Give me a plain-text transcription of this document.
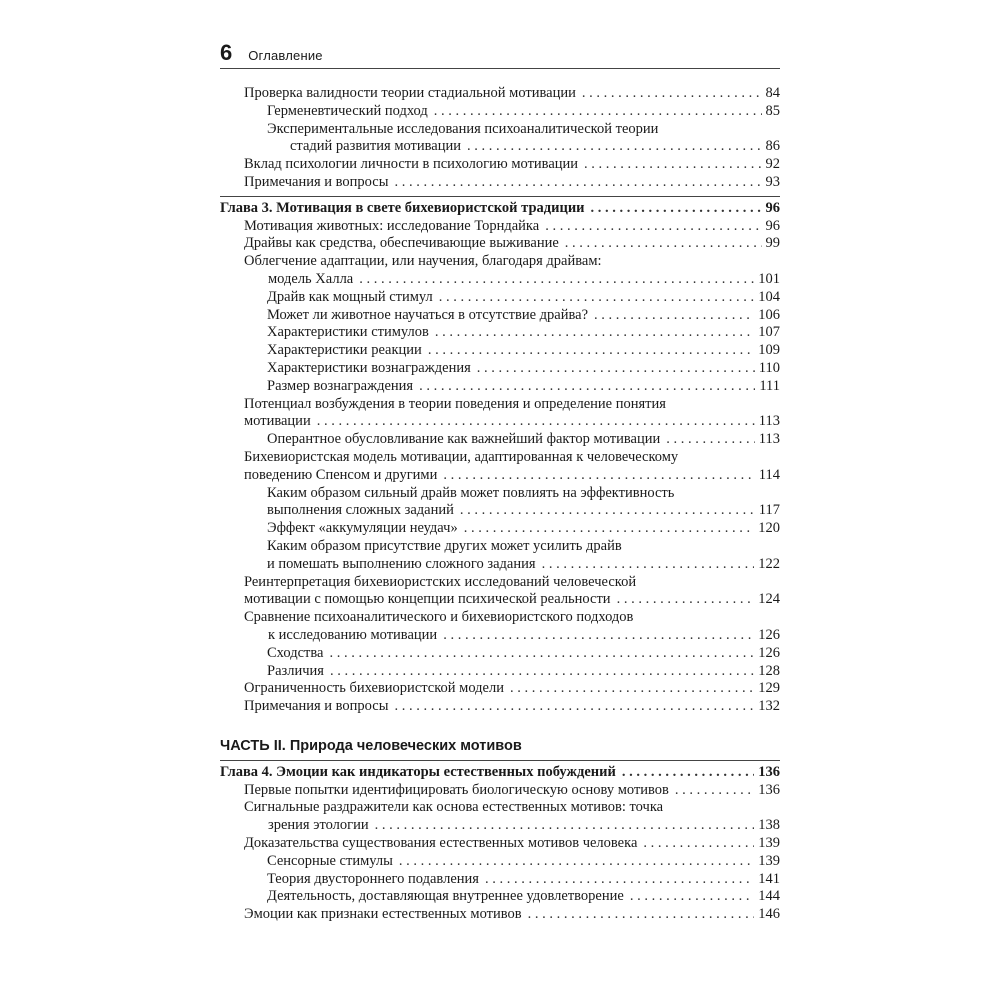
6 Оглавление
Проверка валидности теории стадиальной мотивации . . .	84
Герменевтический подход . . .	85
Экспериментальные исследования психоаналитической теории
стадий развития мотивации . . .	86
Вклад психологии личности в психологию мотивации . . .	92
Примечания и вопросы . . .	93
Глава 3. Мотивация в свете бихевиористской традиции . . .	96
Мотивация животных: исследование Торндайка . . .	96
Драйвы как средства, обеспечивающие выживание . . .	99
Облегчение адаптации, или научения, благодаря драйвам:
модель Халла . . .	101
Драйв как мощный стимул . . .	104
Может ли животное научаться в отсутствие драйва? . . .	106
Характеристики стимулов . . .	107
Характеристики реакции . . .	109
Характеристики вознаграждения . . .	110
Размер вознаграждения . . .	111
Потенциал возбуждения в теории поведения и определение понятия
мотивации . . .	113
Оперантное обусловливание как важнейший фактор мотивации . . .	113
Бихевиористская модель мотивации, адаптированная к человеческому
поведению Спенсом и другими . . .	114
Каким образом сильный драйв может повлиять на эффективность
выполнения сложных заданий . . .	117
Эффект «аккумуляции неудач» . . .	120
Каким образом присутствие других может усилить драйв
и помешать выполнению сложного задания . . .	122
Реинтерпретация бихевиористских исследований человеческой
мотивации с помощью концепции психической реальности . . .	124
Сравнение психоаналитического и бихевиористского подходов
к исследованию мотивации . . .	126
Сходства . . .	126
Различия . . .	128
Ограниченность бихевиористской модели . . .	129
Примечания и вопросы . . .	132
ЧАСТЬ II. Природа человеческих мотивов
Глава 4. Эмоции как индикаторы естественных побуждений . . .	136
Первые попытки идентифицировать биологическую основу мотивов . . .	136
Сигнальные раздражители как основа естественных мотивов: точка
зрения этологии . . .	138
Доказательства существования естественных мотивов человека . . .	139
Сенсорные стимулы . . .	139
Теория двустороннего подавления . . .	141
Деятельность, доставляющая внутреннее удовлетворение . . .	144
Эмоции как признаки естественных мотивов . . .	146
